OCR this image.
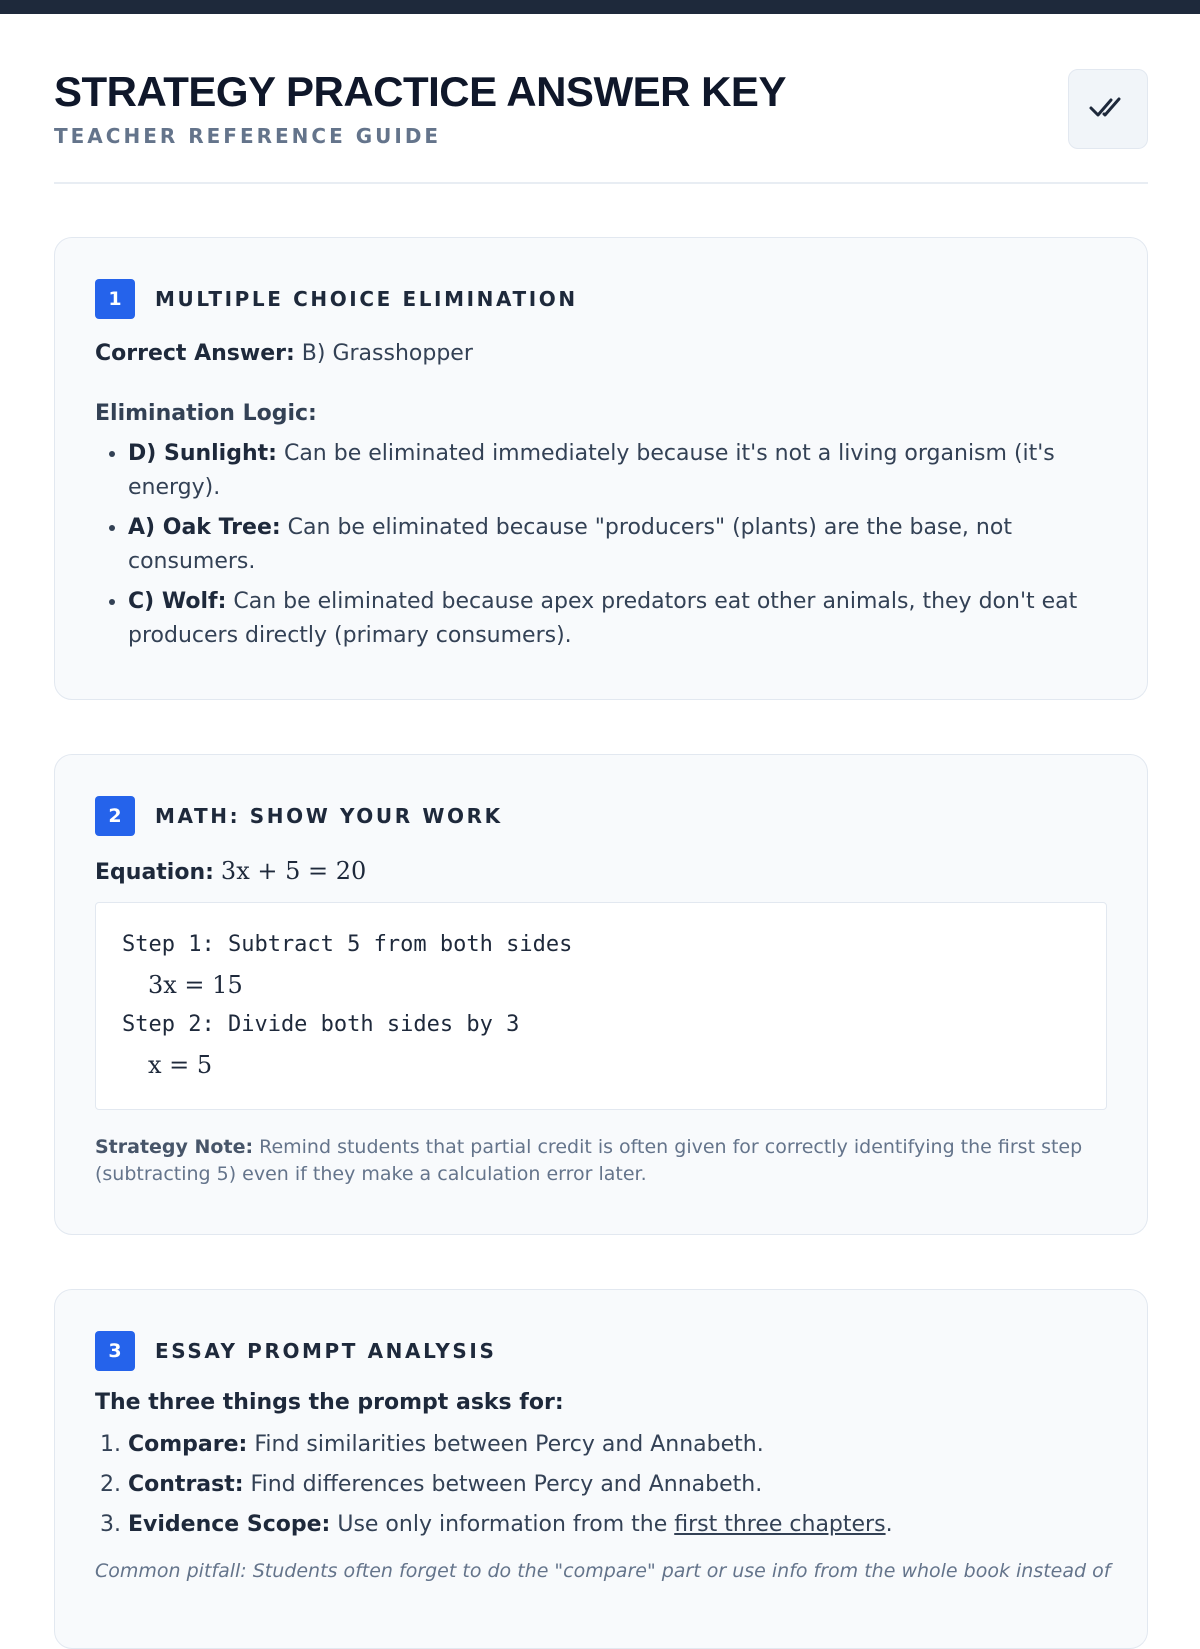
STRATEGY PRACTICE ANSWER KEY
TEACHER REFERENCE GUIDE
1	MULTIPLE CHOICE ELIMINATION
Correct Answer: B) Grasshopper
Elimination Logic:
• D) Sunlight: Can be eliminated immediately because it's not a living organism (it's energy).
• A) Oak Tree: Can be eliminated because "producers" (plants) are the base, not consumers.
• C) Wolf: Can be eliminated because apex predators eat other animals, they don't eat producers directly (primary consumers).
2	MATH: SHOW YOUR WORK
Equation: 3x + 5 = 20
Step 1: Subtract 5 from both sides
3x = 15
Step 2: Divide both sides by 3
x = 5
Strategy Note: Remind students that partial credit is often given for correctly identifying the first step (subtracting 5) even if they make a calculation error later.
3	ESSAY PROMPT ANALYSIS
The three things the prompt asks for:
1. Compare: Find similarities between Percy and Annabeth.
2. Contrast: Find differences between Percy and Annabeth.
3. Evidence Scope: Use only information from the first three chapters.
Common pitfall: Students often forget to do the "compare" part or use info from the whole book instead of
